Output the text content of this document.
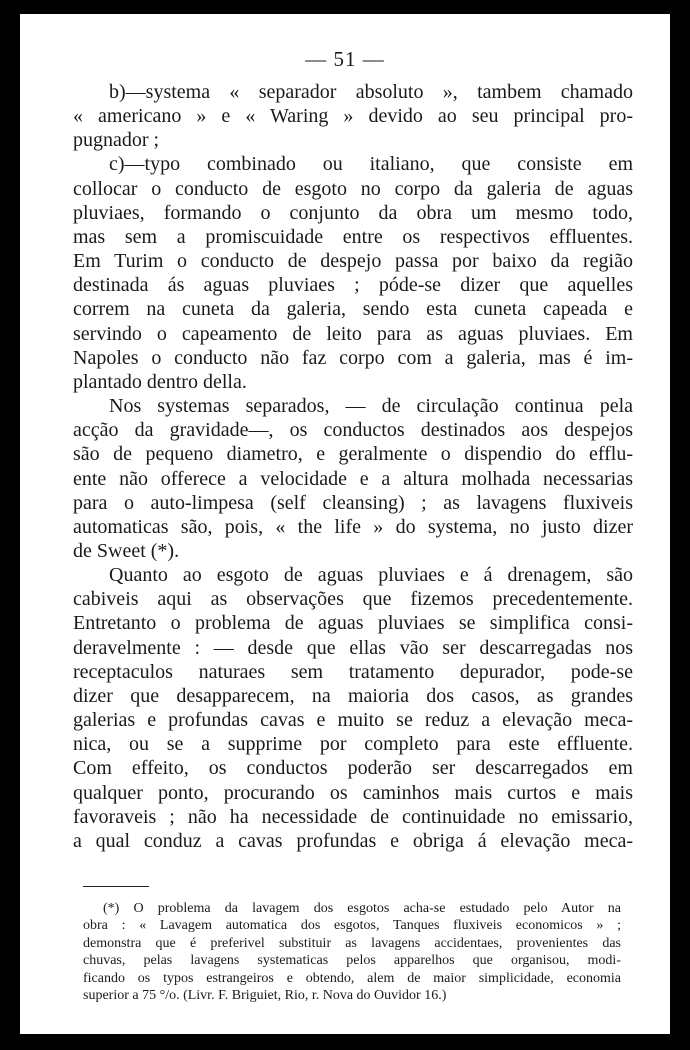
— 51 —
b)—systema « separador absoluto », tambem chamado
« americano » e « Waring » devido ao seu principal pro-
pugnador ;
c)—typo combinado ou italiano, que consiste em
collocar o conducto de esgoto no corpo da galeria de aguas
pluviaes, formando o conjunto da obra um mesmo todo,
mas sem a promiscuidade entre os respectivos effluentes.
Em Turim o conducto de despejo passa por baixo da região
destinada ás aguas pluviaes ; póde-se dizer que aquelles
correm na cuneta da galeria, sendo esta cuneta capeada e
servindo o capeamento de leito para as aguas pluviaes. Em
Napoles o conducto não faz corpo com a galeria, mas é im-
plantado dentro della.
Nos systemas separados, — de circulação continua pela
acção da gravidade—, os conductos destinados aos despejos
são de pequeno diametro, e geralmente o dispendio do efflu-
ente não offerece a velocidade e a altura molhada necessarias
para o auto-limpesa (self cleansing) ; as lavagens fluxiveis
automaticas são, pois, « the life » do systema, no justo dizer
de Sweet (*).
Quanto ao esgoto de aguas pluviaes e á drenagem, são
cabiveis aqui as observações que fizemos precedentemente.
Entretanto o problema de aguas pluviaes se simplifica consi-
deravelmente : — desde que ellas vão ser descarregadas nos
receptaculos naturaes sem tratamento depurador, pode-se
dizer que desapparecem, na maioria dos casos, as grandes
galerias e profundas cavas e muito se reduz a elevação meca-
nica, ou se a supprime por completo para este effluente.
Com effeito, os conductos poderão ser descarregados em
qualquer ponto, procurando os caminhos mais curtos e mais
favoraveis ; não ha necessidade de continuidade no emissario,
a qual conduz a cavas profundas e obriga á elevação meca-
(*) O problema da lavagem dos esgotos acha-se estudado pelo Autor na
obra : « Lavagem automatica dos esgotos, Tanques fluxiveis economicos » ;
demonstra que é preferivel substituir as lavagens accidentaes, provenientes das
chuvas, pelas lavagens systematicas pelos apparelhos que organisou, modi-
ficando os typos estrangeiros e obtendo, alem de maior simplicidade, economia
superior a 75 °/o. (Livr. F. Briguiet, Rio, r. Nova do Ouvidor 16.)
